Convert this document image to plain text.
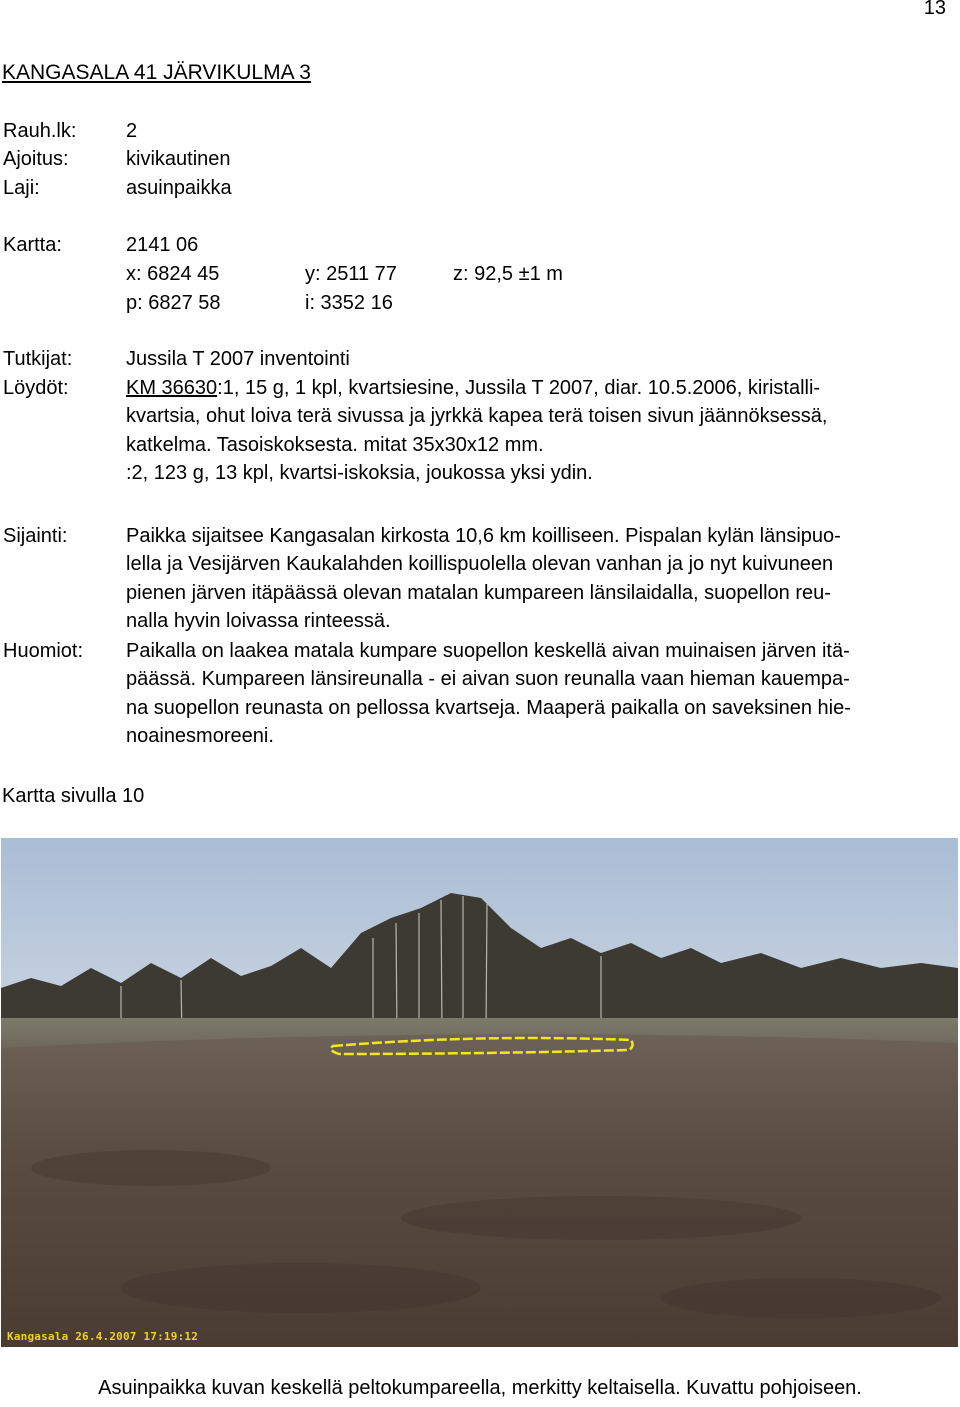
13
KANGASALA 41 JÄRVIKULMA 3
Rauh.lk: 2
Ajoitus:	kivikautinen
Laji:	asuinpaikka
Kartta:	2141 06
x: 6824 45	y: 2511 77	z: 92,5 ±1 m
p: 6827 58	i: 3352 16
Tutkijat:	Jussila T 2007 inventointi
Löydöt:	KM 36630:1, 15 g, 1 kpl, kvartsiesine, Jussila T 2007, diar. 10.5.2006, kiristalli-

kvartsia, ohut loiva terä sivussa ja jyrkkä kapea terä toisen sivun jäännöksessä,

katkelma. Tasoiskoksesta. mitat 35x30x12 mm.

:2, 123 g, 13 kpl, kvartsi-iskoksia, joukossa yksi ydin.

Sijainti:	Paikka sijaitsee Kangasalan kirkosta 10,6 km koilliseen. Pispalan kylän länsipuo-

lella ja Vesijärven Kaukalahden koillispuolella olevan vanhan ja jo nyt kuivuneen

pienen järven itäpäässä olevan matalan kumpareen länsilaidalla, suopellon reu-

nalla hyvin loivassa rinteessä.

Huomiot: Paikalla on laakea matala kumpare suopellon keskellä aivan muinaisen järven itä-

päässä. Kumpareen länsireunalla - ei aivan suon reunalla vaan hieman kauempa-

na suopellon reunasta on pellossa kvartseja. Maaperä paikalla on saveksinen hie-

noainesmoreeni.

Kartta sivulla 10
Kangasala 26.4.2007 17:19:12
Asuinpaikka kuvan keskellä peltokumpareella, merkitty keltaisella. Kuvattu pohjoiseen.
